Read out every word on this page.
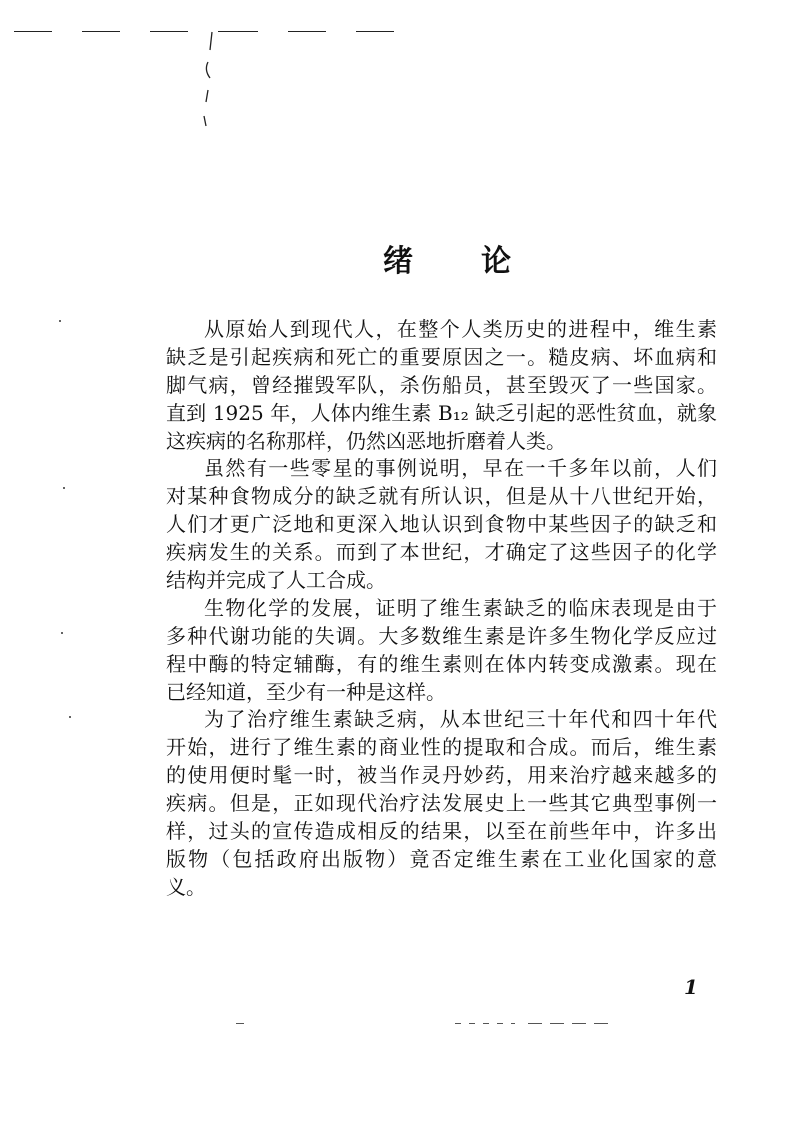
绪 论
从原始人到现代人，在整个人类历史的进程中，维生素
缺乏是引起疾病和死亡的重要原因之一。糙皮病、坏血病和
脚气病，曾经摧毁军队，杀伤船员，甚至毁灭了一些国家。
直到 1925 年，人体内维生素 B₁₂ 缺乏引起的恶性贫血，就象
这疾病的名称那样，仍然凶恶地折磨着人类。
虽然有一些零星的事例说明，早在一千多年以前，人们
对某种食物成分的缺乏就有所认识，但是从十八世纪开始，
人们才更广泛地和更深入地认识到食物中某些因子的缺乏和
疾病发生的关系。而到了本世纪，才确定了这些因子的化学
结构并完成了人工合成。
生物化学的发展，证明了维生素缺乏的临床表现是由于
多种代谢功能的失调。大多数维生素是许多生物化学反应过
程中酶的特定辅酶，有的维生素则在体内转变成激素。现在
已经知道，至少有一种是这样。
为了治疗维生素缺乏病，从本世纪三十年代和四十年代
开始，进行了维生素的商业性的提取和合成。而后，维生素
的使用便时髦一时，被当作灵丹妙药，用来治疗越来越多的
疾病。但是，正如现代治疗法发展史上一些其它典型事例一
样，过头的宣传造成相反的结果，以至在前些年中，许多出
版物（包括政府出版物）竟否定维生素在工业化国家的意
义。
1
